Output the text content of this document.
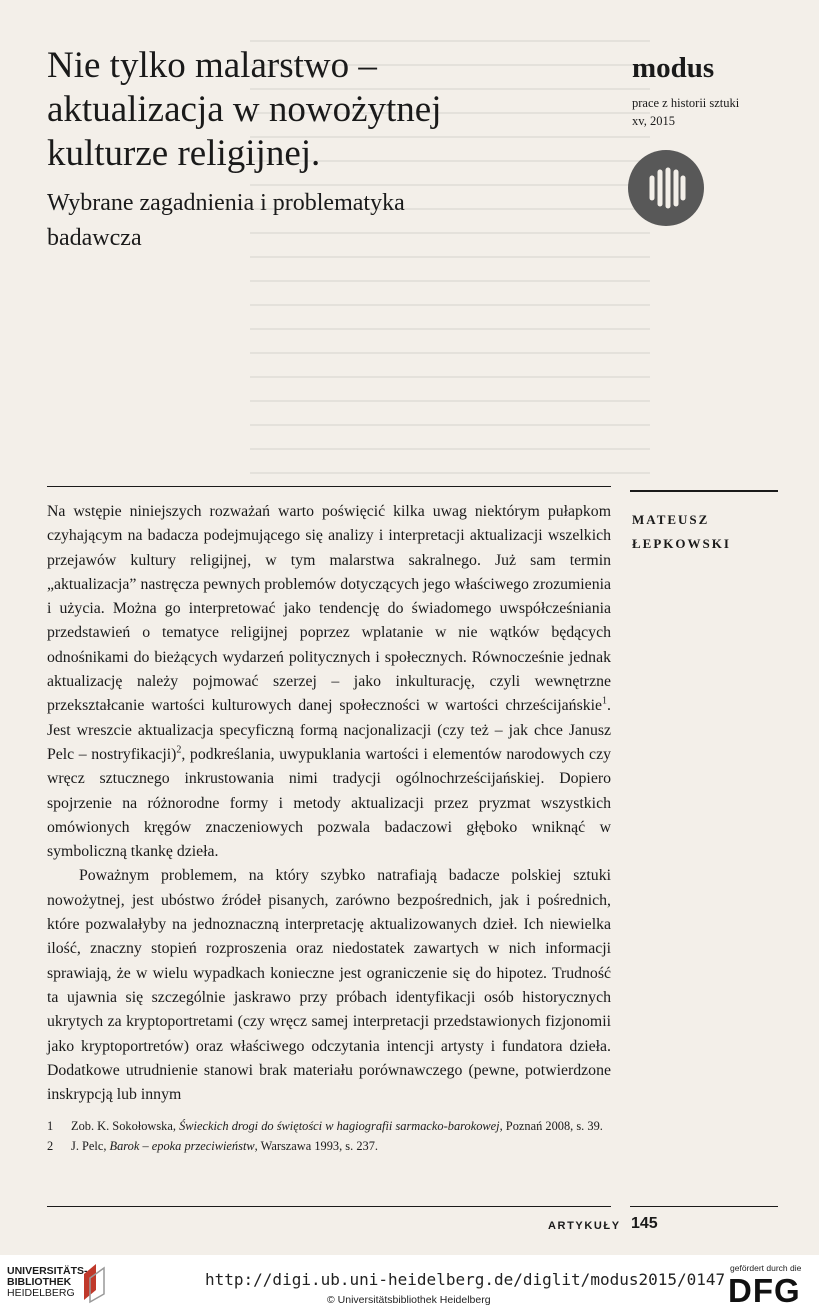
Nie tylko malarstwo – aktualizacja w nowożytnej kulturze religijnej.
Wybrane zagadnienia i problematyka badawcza
modus
prace z historii sztuki
xv, 2015
MATEUSZ
ŁEPKOWSKI

Na wstępie niniejszych rozważań warto poświęcić kilka uwag niektórym pułapkom czyhającym na badacza podejmującego się analizy i interpretacji aktualizacji wszelkich przejawów kultury religijnej, w tym malarstwa sakralnego. Już sam termin „aktualizacja” nastręcza pewnych problemów dotyczących jego właściwego zrozumienia i użycia. Można go interpretować jako tendencję do świadomego uwspółcześniania przedstawień o tematyce religijnej poprzez wplatanie w nie wątków będących odnośnikami do bieżących wydarzeń politycznych i społecznych. Równocześnie jednak aktualizację należy pojmować szerzej – jako inkulturację, czyli wewnętrzne przekształcanie wartości kulturowych danej społeczności w wartości chrześcijańskie$^1$. Jest wreszcie aktualizacja specyficzną formą nacjonalizacji (czy też – jak chce Janusz Pelc – nostryfikacji)$^2$, podkreślania, uwypuklania wartości i elementów narodowych czy wręcz sztucznego inkrustowania nimi tradycji ogólnochrześcijańskiej. Dopiero spojrzenie na różnorodne formy i metody aktualizacji przez pryzmat wszystkich omówionych kręgów znaczeniowych pozwala badaczowi głęboko wniknąć w symboliczną tkankę dzieła.

Poważnym problemem, na który szybko natrafiają badacze polskiej sztuki nowożytnej, jest ubóstwo źródeł pisanych, zarówno bezpośrednich, jak i pośrednich, które pozwalałyby na jednoznaczną interpretację aktualizowanych dzieł. Ich niewielka ilość, znaczny stopień rozproszenia oraz niedostatek zawartych w nich informacji sprawiają, że w wielu wypadkach konieczne jest ograniczenie się do hipotez. Trudność ta ujawnia się szczególnie jaskrawo przy próbach identyfikacji osób historycznych ukrytych za kryptoportretami (czy wręcz samej interpretacji przedstawionych fizjonomii jako kryptoportretów) oraz właściwego odczytania intencji artysty i fundatora dzieła. Dodatkowe utrudnienie stanowi brak materiału porównawczego (pewne, potwierdzone inskrypcją lub innym

1	Zob. K. Sokołowska, Świeckich drogi do świętości w hagiografii sarmacko-barokowej, Poznań 2008, s. 39.
2	J. Pelc, Barok – epoka przeciwieństw, Warszawa 1993, s. 237.
ARTYKUŁY 145
UNIVERSITÄTS-
BIBLIOTHEK
HEIDELBERG
http://digi.ub.uni-heidelberg.de/diglit/modus2015/0147
© Universitätsbibliothek Heidelberg
gefördert durch die
DFG
